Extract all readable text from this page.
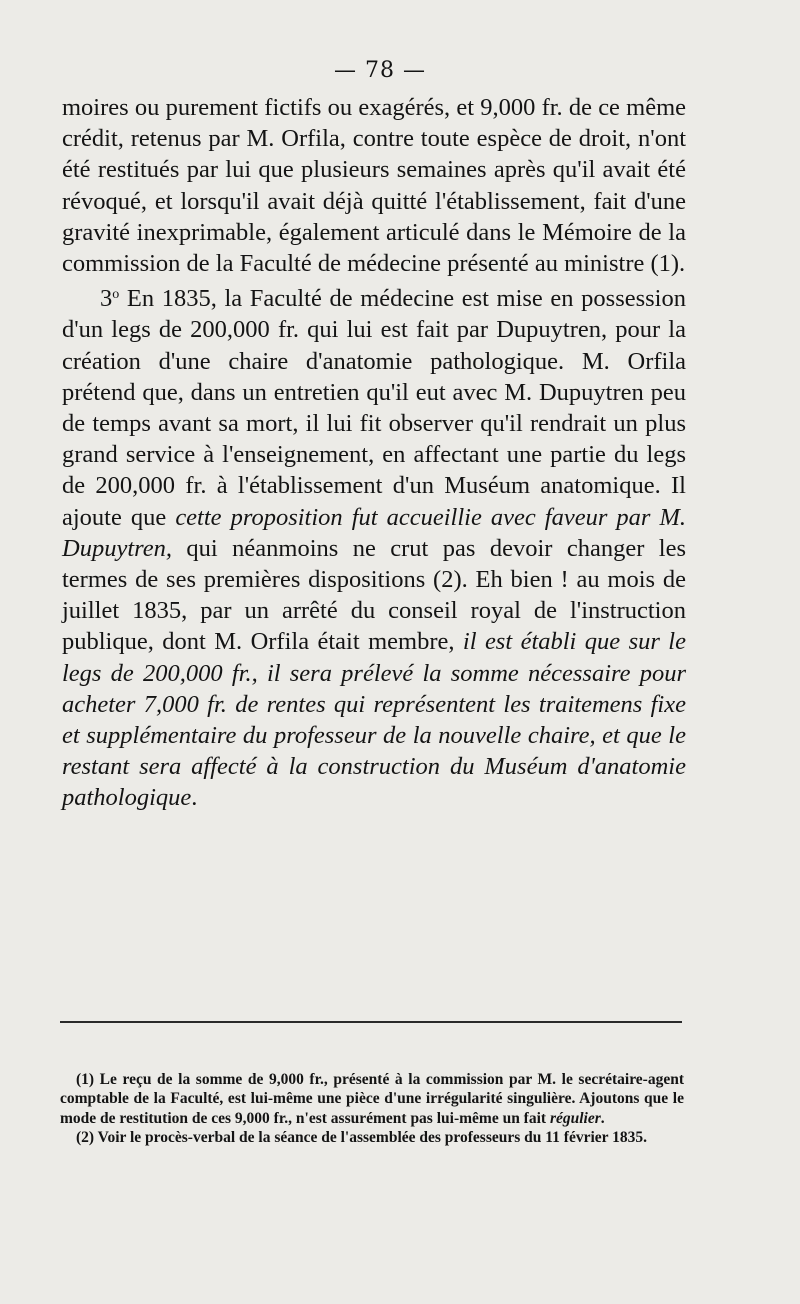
— 78 —

moires ou purement fictifs ou exagérés, et 9,000 fr. de ce même crédit, retenus par M. Orfila, contre toute espèce de droit, n'ont été restitués par lui que plusieurs semaines après qu'il avait été révoqué, et lorsqu'il avait déjà quitté l'établissement, fait d'une gravité inexprimable, également articulé dans le Mémoire de la commission de la Faculté de médecine présenté au ministre (1).

3$^o$ En 1835, la Faculté de médecine est mise en possession d'un legs de 200,000 fr. qui lui est fait par Dupuytren, pour la création d'une chaire d'anatomie pathologique. M. Orfila prétend que, dans un entretien qu'il eut avec M. Dupuytren peu de temps avant sa mort, il lui fit observer qu'il rendrait un plus grand service à l'enseignement, en affectant une partie du legs de 200,000 fr. à l'établissement d'un Muséum anatomique. Il ajoute que cette proposition fut accueillie avec faveur par M. Dupuytren, qui néanmoins ne crut pas devoir changer les termes de ses premières dispositions (2). Eh bien ! au mois de juillet 1835, par un arrêté du conseil royal de l'instruction publique, dont M. Orfila était membre, il est établi que sur le legs de 200,000 fr., il sera prélevé la somme nécessaire pour acheter 7,000 fr. de rentes qui représentent les traitemens fixe et supplémentaire du professeur de la nouvelle chaire, et que le restant sera affecté à la construction du Muséum d'anatomie pathologique.

(1) Le reçu de la somme de 9,000 fr., présenté à la commission par M. le secrétaire-agent comptable de la Faculté, est lui-même une pièce d'une irrégularité singulière. Ajoutons que le mode de restitution de ces 9,000 fr., n'est assurément pas lui-même un fait régulier.

(2) Voir le procès-verbal de la séance de l'assemblée des professeurs du 11 février 1835.
